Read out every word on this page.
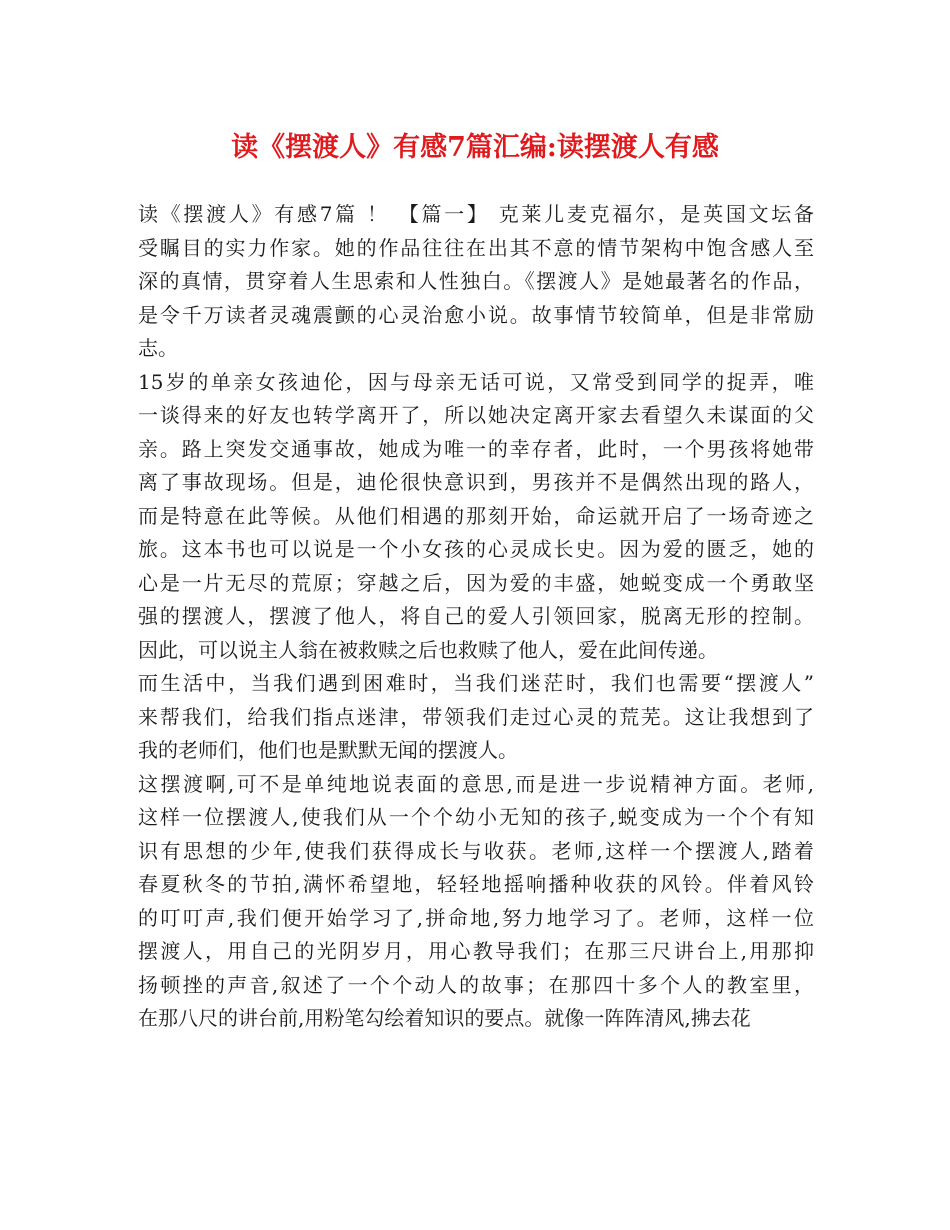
读《摆渡人》有感7篇汇编:读摆渡人有感
读《摆渡人》有感7篇 ！ 【篇一】 克莱儿麦克福尔，是英国文坛备
受瞩目的实力作家。她的作品往往在出其不意的情节架构中饱含感人至
深的真情，贯穿着人生思索和人性独白。《摆渡人》是她最著名的作品，
是令千万读者灵魂震颤的心灵治愈小说。故事情节较简单，但是非常励
志。
15岁的单亲女孩迪伦，因与母亲无话可说，又常受到同学的捉弄，唯
一谈得来的好友也转学离开了，所以她决定离开家去看望久未谋面的父
亲。路上突发交通事故，她成为唯一的幸存者，此时，一个男孩将她带
离了事故现场。但是，迪伦很快意识到，男孩并不是偶然出现的路人，
而是特意在此等候。从他们相遇的那刻开始，命运就开启了一场奇迹之
旅。这本书也可以说是一个小女孩的心灵成长史。因为爱的匮乏，她的
心是一片无尽的荒原；穿越之后，因为爱的丰盛，她蜕变成一个勇敢坚
强的摆渡人，摆渡了他人，将自己的爱人引领回家，脱离无形的控制。
因此，可以说主人翁在被救赎之后也救赎了他人，爱在此间传递。
而生活中，当我们遇到困难时，当我们迷茫时，我们也需要“摆渡人”
来帮我们，给我们指点迷津，带领我们走过心灵的荒芜。这让我想到了
我的老师们，他们也是默默无闻的摆渡人。
这摆渡啊,可不是单纯地说表面的意思,而是进一步说精神方面。老师,
这样一位摆渡人,使我们从一个个幼小无知的孩子,蜕变成为一个个有知
识有思想的少年,使我们获得成长与收获。老师,这样一个摆渡人,踏着
春夏秋冬的节拍,满怀希望地，轻轻地摇响播种收获的风铃。伴着风铃
的叮叮声,我们便开始学习了,拼命地,努力地学习了。老师，这样一位
摆渡人，用自己的光阴岁月，用心教导我们；在那三尺讲台上,用那抑
扬顿挫的声音,叙述了一个个动人的故事；在那四十多个人的教室里，
在那八尺的讲台前,用粉笔勾绘着知识的要点。就像一阵阵清风,拂去花
